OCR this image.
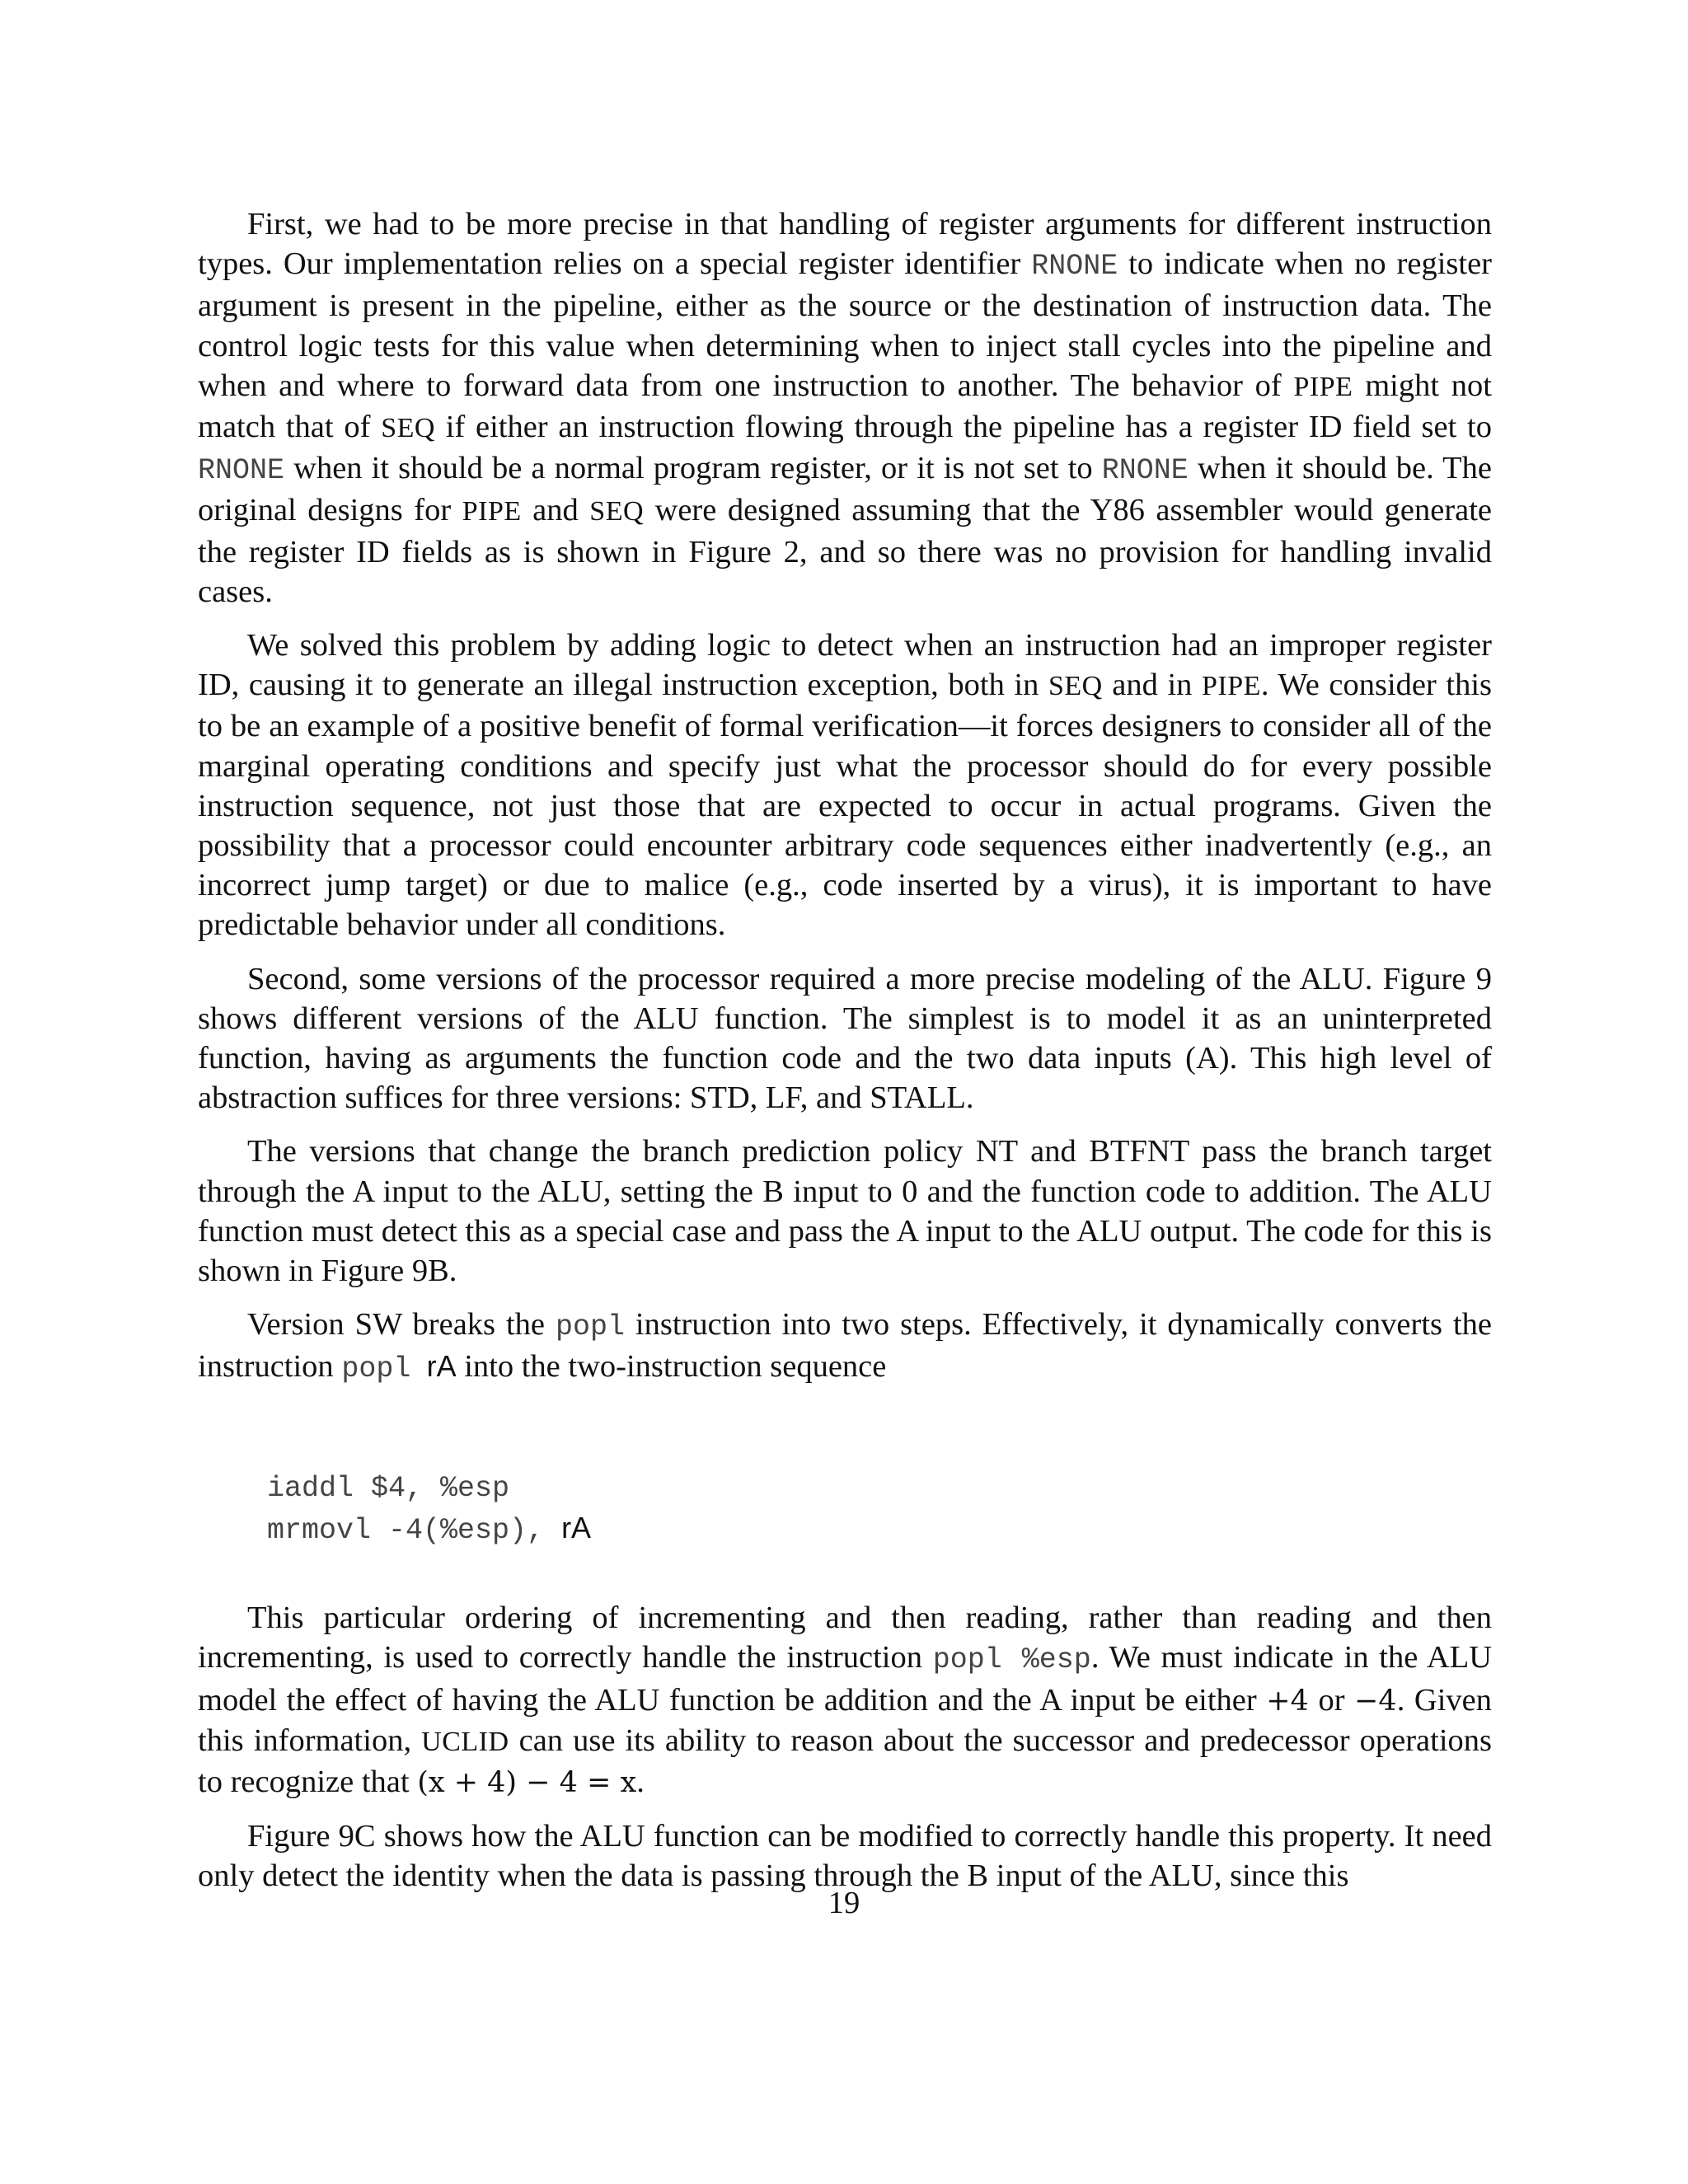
First, we had to be more precise in that handling of register arguments for different instruction types. Our implementation relies on a special register identifier RNONE to indicate when no register argument is present in the pipeline, either as the source or the destination of instruction data. The control logic tests for this value when determining when to inject stall cycles into the pipeline and when and where to forward data from one instruction to another. The behavior of PIPE might not match that of SEQ if either an instruction flowing through the pipeline has a register ID field set to RNONE when it should be a normal program register, or it is not set to RNONE when it should be. The original designs for PIPE and SEQ were designed assuming that the Y86 assembler would generate the register ID fields as is shown in Figure 2, and so there was no provision for handling invalid cases.

We solved this problem by adding logic to detect when an instruction had an improper register ID, causing it to generate an illegal instruction exception, both in SEQ and in PIPE. We consider this to be an example of a positive benefit of formal verification—it forces designers to consider all of the marginal operating conditions and specify just what the processor should do for every possible instruction sequence, not just those that are expected to occur in actual programs. Given the possibility that a processor could encounter arbitrary code sequences either inadvertently (e.g., an incorrect jump target) or due to malice (e.g., code inserted by a virus), it is important to have predictable behavior under all conditions.

Second, some versions of the processor required a more precise modeling of the ALU. Figure 9 shows different versions of the ALU function. The simplest is to model it as an uninterpreted function, having as arguments the function code and the two data inputs (A). This high level of abstraction suffices for three versions: STD, LF, and STALL.

The versions that change the branch prediction policy NT and BTFNT pass the branch target through the A input to the ALU, setting the B input to 0 and the function code to addition. The ALU function must detect this as a special case and pass the A input to the ALU output. The code for this is shown in Figure 9B.

Version SW breaks the popl instruction into two steps. Effectively, it dynamically converts the instruction popl rA into the two-instruction sequence

iaddl $4, %esp
mrmovl -4(%esp), rA

This particular ordering of incrementing and then reading, rather than reading and then incrementing, is used to correctly handle the instruction popl %esp. We must indicate in the ALU model the effect of having the ALU function be addition and the A input be either +4 or −4. Given this information, UCLID can use its ability to reason about the successor and predecessor operations to recognize that (x + 4) − 4 = x.

Figure 9C shows how the ALU function can be modified to correctly handle this property. It need only detect the identity when the data is passing through the B input of the ALU, since this

19
